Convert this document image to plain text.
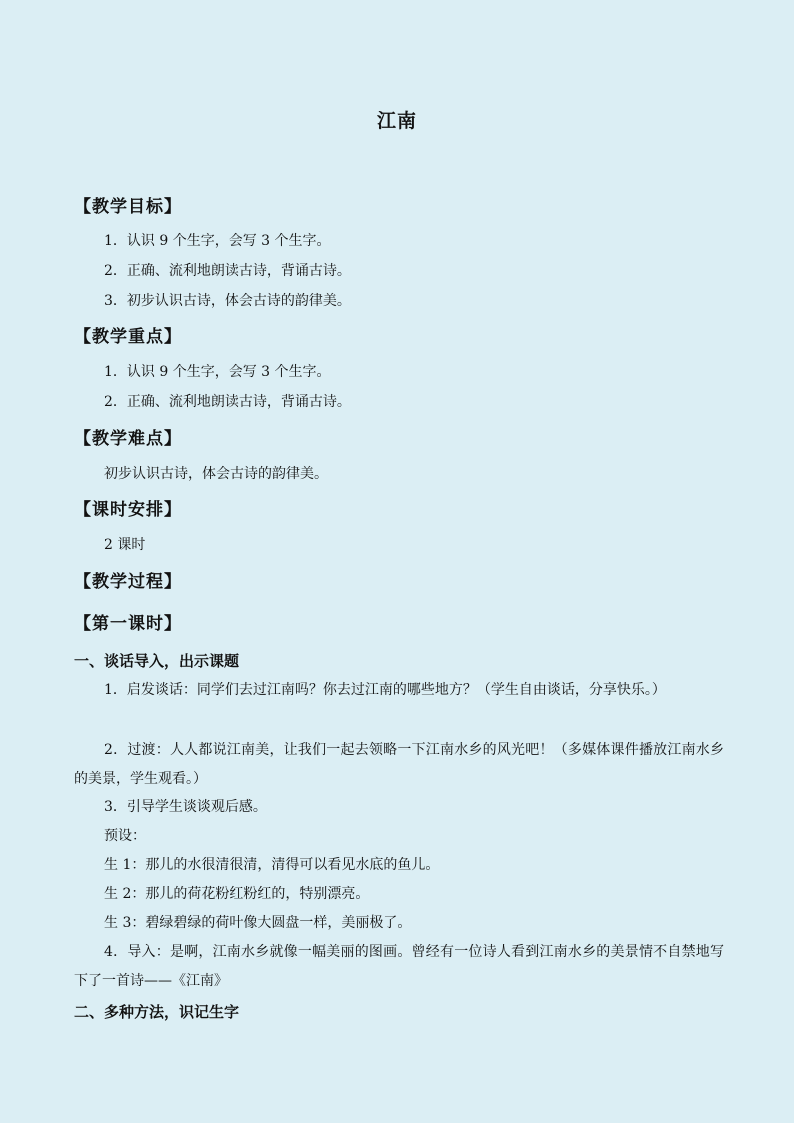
江南
【教学目标】
1．认识 9 个生字，会写 3 个生字。
2．正确、流利地朗读古诗，背诵古诗。
3．初步认识古诗，体会古诗的韵律美。
【教学重点】
1．认识 9 个生字，会写 3 个生字。
2．正确、流利地朗读古诗，背诵古诗。
【教学难点】
初步认识古诗，体会古诗的韵律美。
【课时安排】
2 课时
【教学过程】
【第一课时】
一、谈话导入，出示课题
1．启发谈话：同学们去过江南吗？你去过江南的哪些地方？（学生自由谈话，分享快乐。）
2．过渡：人人都说江南美，让我们一起去领略一下江南水乡的风光吧！（多媒体课件播放江南水乡的美景，学生观看。）
3．引导学生谈谈观后感。
预设：
生 1：那儿的水很清很清，清得可以看见水底的鱼儿。
生 2：那儿的荷花粉红粉红的，特别漂亮。
生 3：碧绿碧绿的荷叶像大圆盘一样，美丽极了。
4．导入：是啊，江南水乡就像一幅美丽的图画。曾经有一位诗人看到江南水乡的美景情不自禁地写下了一首诗——《江南》
二、多种方法，识记生字
